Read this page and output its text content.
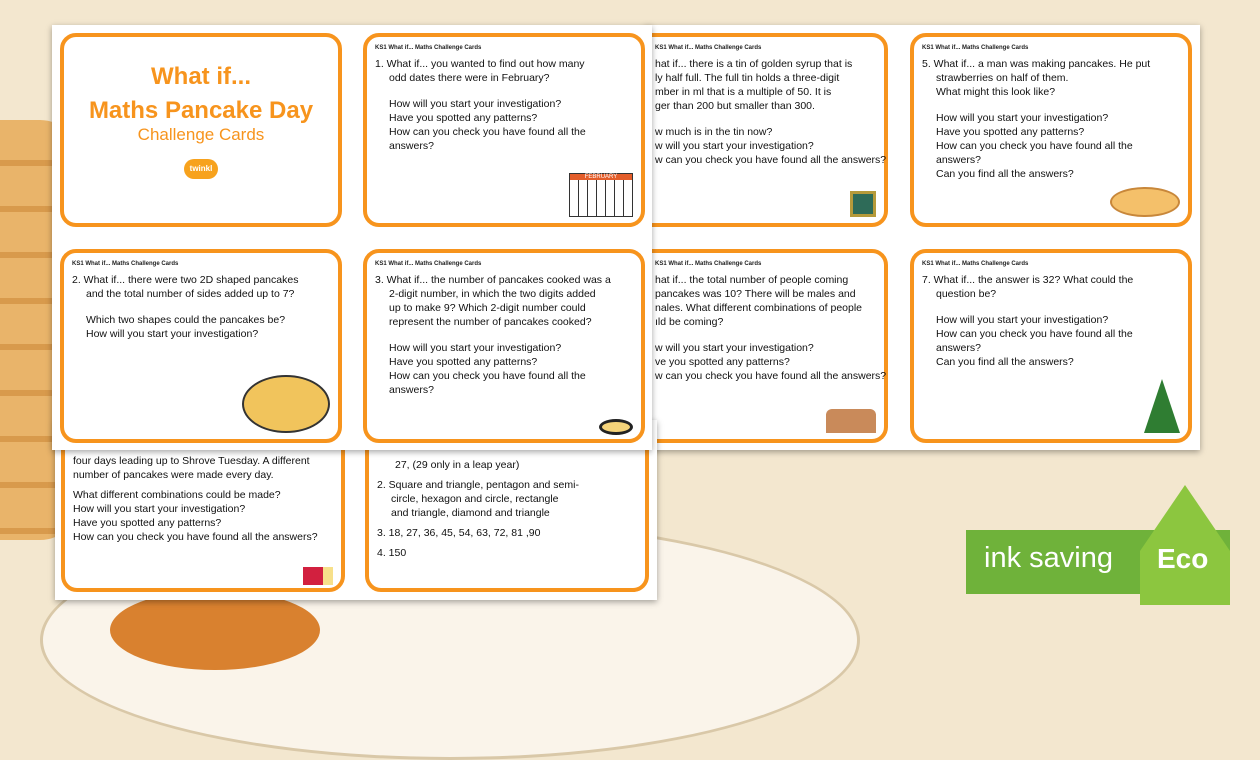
KS1 What if... Maths Challenge Cards

hat if... there is a tin of golden syrup that is

ly half full. The full tin holds a three-digit

mber in ml that is a multiple of 50. It is

ger than 200 but smaller than 300.

w much is in the tin now?

w will you start your investigation?

w can you check you have found all the answers?

KS1 What if... Maths Challenge Cards

5. What if... a man was making pancakes. He put

strawberries on half of them.

What might this look like?

How will you start your investigation?

Have you spotted any patterns?

How can you check you have found all the answers?

Can you find all the answers?

KS1 What if... Maths Challenge Cards

hat if... the total number of people coming

pancakes was 10? There will be males and

nales. What different combinations of people

ıld be coming?

w will you start your investigation?

ve you spotted any patterns?

w can you check you have found all the answers?

KS1 What if... Maths Challenge Cards

7. What if... the answer is 32? What could the

question be?

How will you start your investigation?

How can you check you have found all the answers?

Can you find all the answers?

four days leading up to Shrove Tuesday. A different

number of pancakes were made every day.

What different combinations could be made?

How will you start your investigation?

Have you spotted any patterns?

How can you check you have found all the answers?

27, (29 only in a leap year)

2. Square and triangle, pentagon and semi-

circle, hexagon and circle, rectangle

and triangle, diamond and triangle

3. 18, 27, 36, 45, 54, 63, 72, 81 ,90

4. 150

What if...
Maths Pancake Day
Challenge Cards
twinkl
KS1 What if... Maths Challenge Cards

1. What if... you wanted to find out how many

odd dates there were in February?

How will you start your investigation?

Have you spotted any patterns?

How can you check you have found all the answers?

FEBRUARY
KS1 What if... Maths Challenge Cards

2. What if... there were two 2D shaped pancakes

and the total number of sides added up to 7?

Which two shapes could the pancakes be?

How will you start your investigation?

KS1 What if... Maths Challenge Cards

3. What if... the number of pancakes cooked was a

2-digit number, in which the two digits added

up to make 9? Which 2-digit number could

represent the number of pancakes cooked?

How will you start your investigation?

Have you spotted any patterns?

How can you check you have found all the answers?

ink saving	Eco
